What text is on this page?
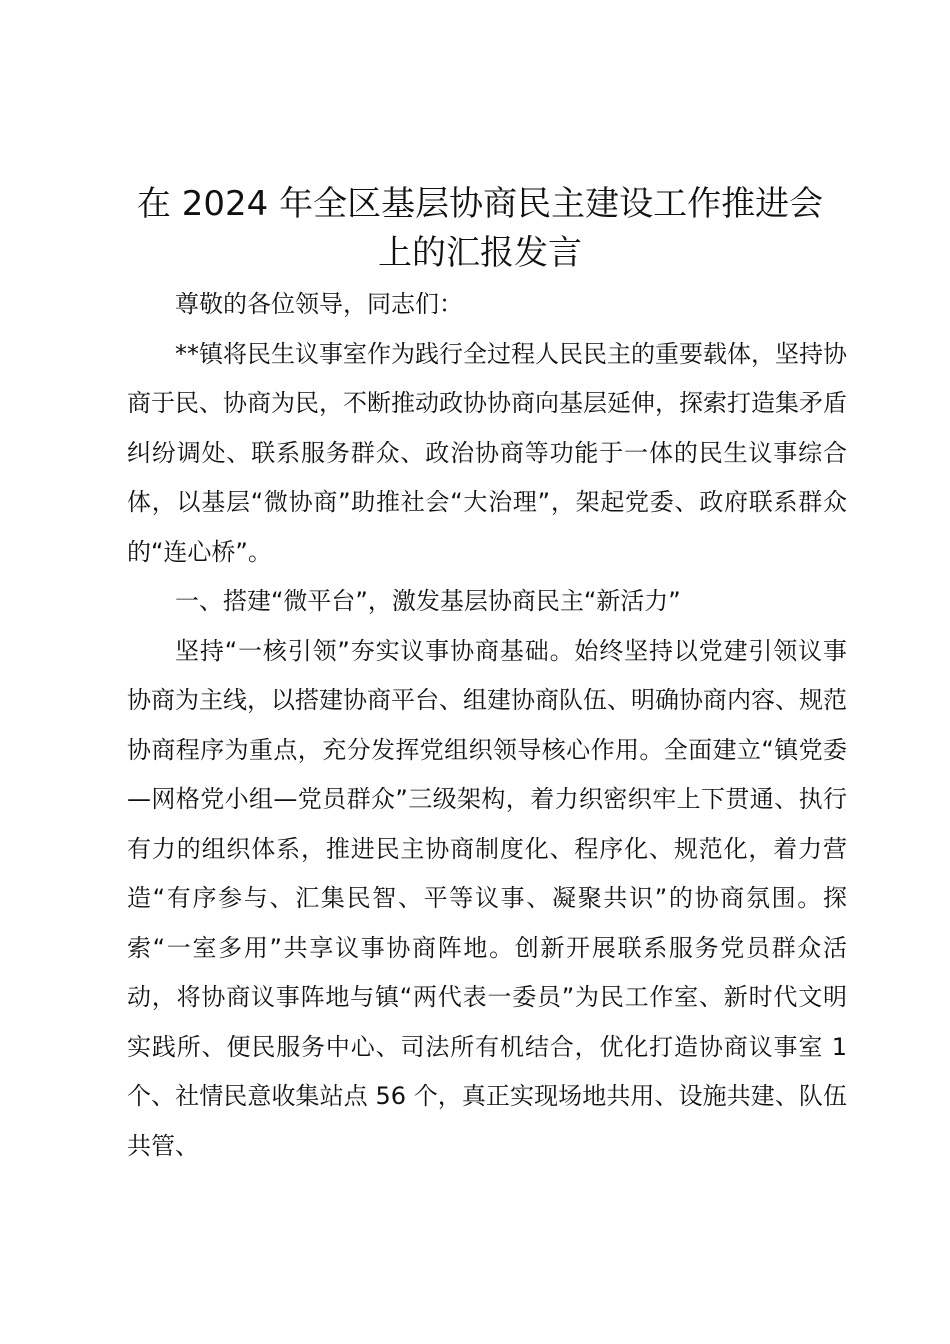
在 2024 年全区基层协商民主建设工作推进会
上的汇报发言

尊敬的各位领导，同志们：

**镇将民生议事室作为践行全过程人民民主的重要载体，坚持协商于民、协商为民，不断推动政协协商向基层延伸，探索打造集矛盾纠纷调处、联系服务群众、政治协商等功能于一体的民生议事综合体，以基层“微协商”助推社会“大治理”，架起党委、政府联系群众的“连心桥”。

一、搭建“微平台”，激发基层协商民主“新活力”

坚持“一核引领”夯实议事协商基础。始终坚持以党建引领议事协商为主线，以搭建协商平台、组建协商队伍、明确协商内容、规范协商程序为重点，充分发挥党组织领导核心作用。全面建立“镇党委—网格党小组—党员群众”三级架构，着力织密织牢上下贯通、执行有力的组织体系，推进民主协商制度化、程序化、规范化，着力营造“有序参与、汇集民智、平等议事、凝聚共识”的协商氛围。探索“一室多用”共享议事协商阵地。创新开展联系服务党员群众活动，将协商议事阵地与镇“两代表一委员”为民工作室、新时代文明实践所、便民服务中心、司法所有机结合，优化打造协商议事室 1 个、社情民意收集站点 56 个，真正实现场地共用、设施共建、队伍共管、
